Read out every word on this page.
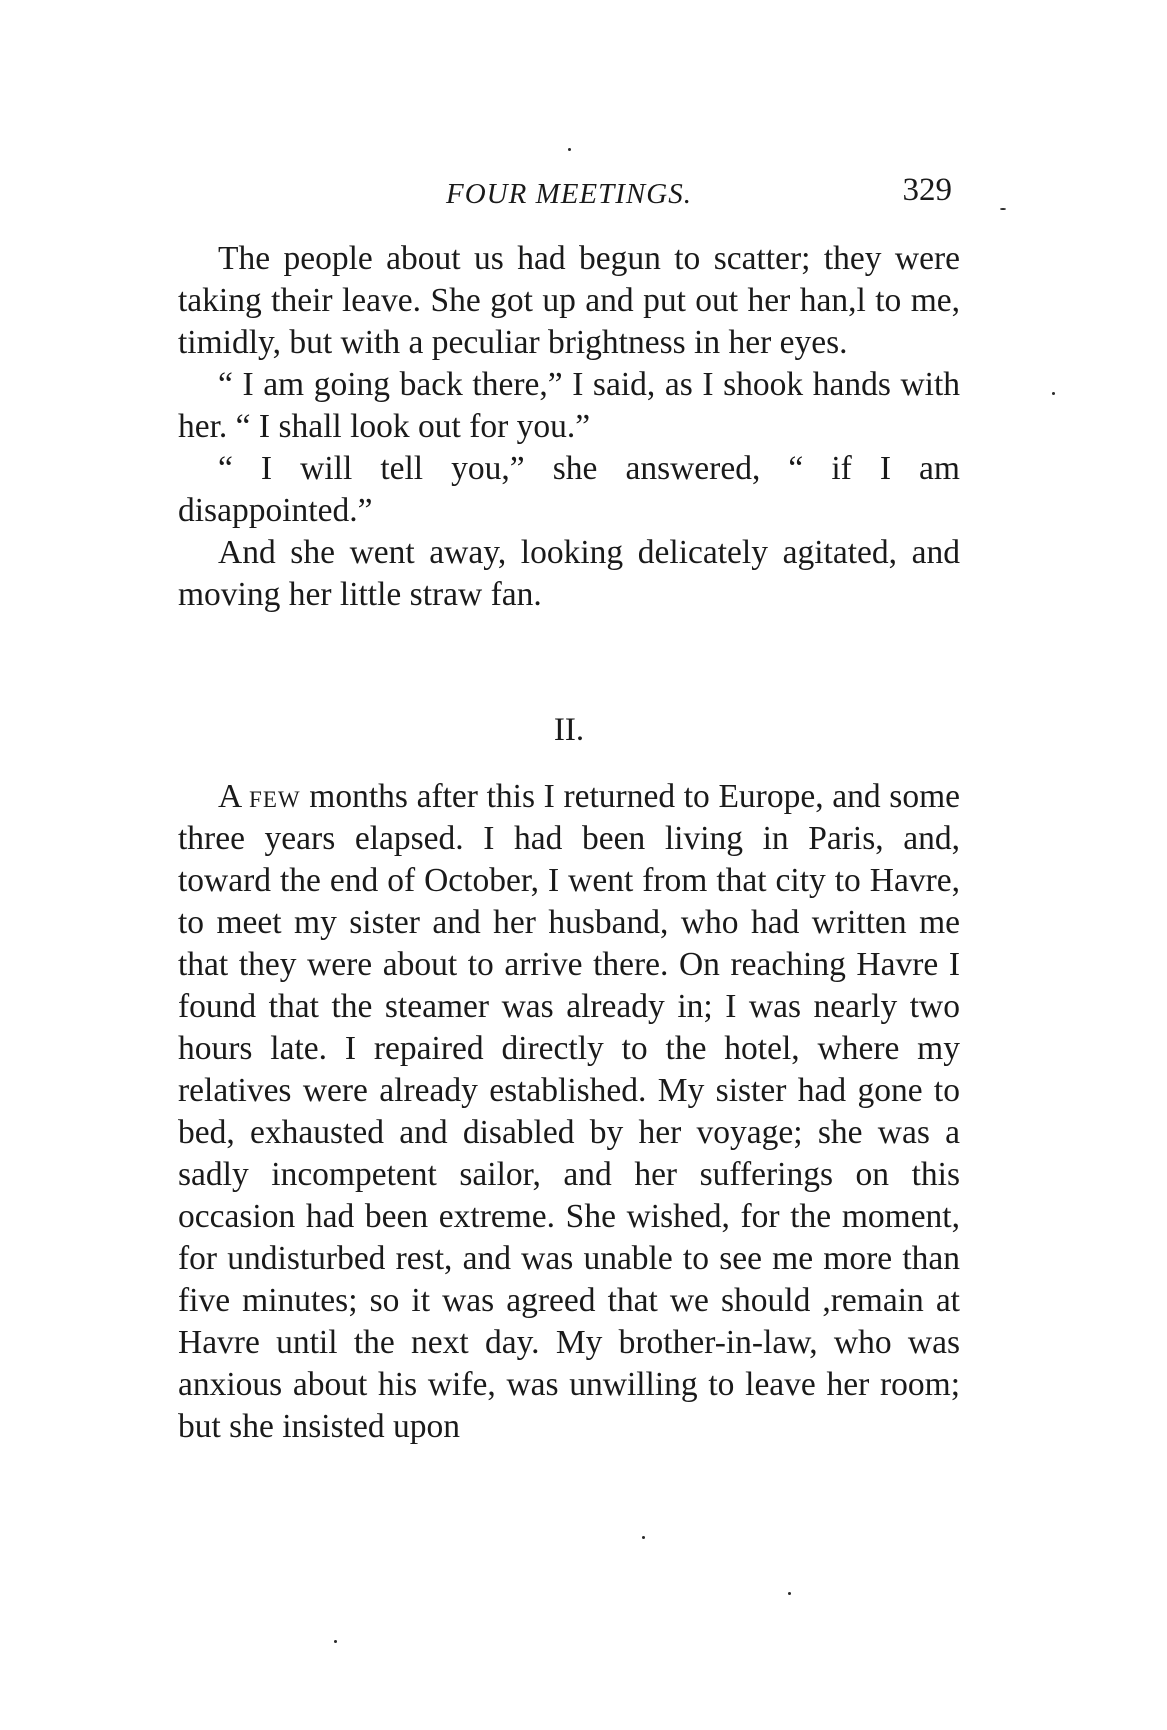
FOUR MEETINGS.	329

The people about us had begun to scatter; they were taking their leave. She got up and put out her han,l to me, timidly, but with a peculiar brightness in her eyes.

“ I am going back there,” I said, as I shook hands with her. “ I shall look out for you.”

“ I will tell you,” she answered, “ if I am disappointed.”

And she went away, looking delicately agitated, and moving her little straw fan.

II.

A few months after this I returned to Europe, and some three years elapsed. I had been living in Paris, and, toward the end of October, I went from that city to Havre, to meet my sister and her husband, who had written me that they were about to arrive there. On reaching Havre I found that the steamer was already in; I was nearly two hours late. I repaired directly to the hotel, where my relatives were already established. My sister had gone to bed, exhausted and disabled by her voyage; she was a sadly incompetent sailor, and her sufferings on this occasion had been extreme. She wished, for the moment, for undisturbed rest, and was unable to see me more than five minutes; so it was agreed that we should ,remain at Havre until the next day. My brother-in-law, who was anxious about his wife, was unwilling to leave her room; but she insisted upon
